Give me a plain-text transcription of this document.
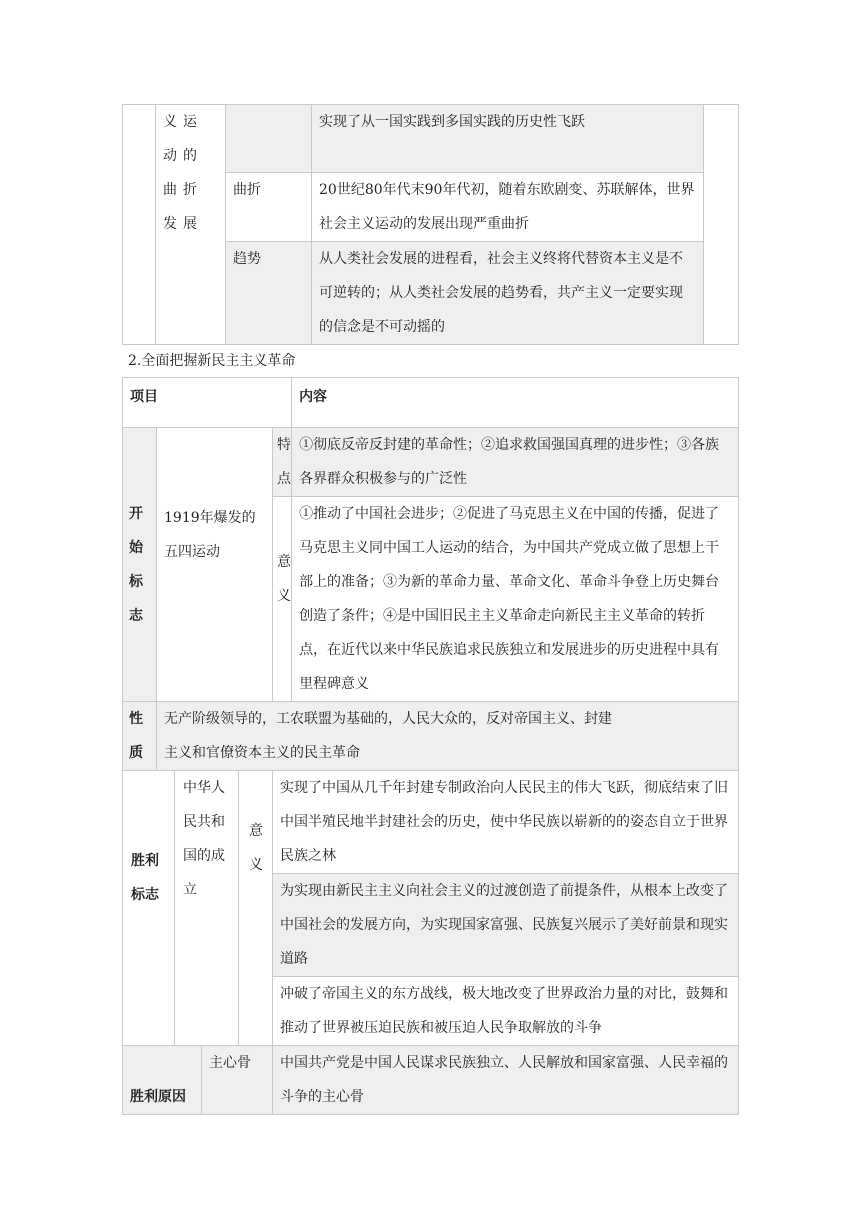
	义运动的曲折发展		实现了从一国实践到多国实践的历史性飞跃	
		曲折	20世纪80年代末90年代初，随着东欧剧变、苏联解体，世界社会主义运动的发展出现严重曲折	
		趋势	从人类社会发展的进程看，社会主义终将代替资本主义是不可逆转的；从人类社会发展的趋势看，共产主义一定要实现的信念是不可动摇的	
2.全面把握新民主主义革命
项目						内容
开始标志	1919年爆发的五四运动				特点	①彻底反帝反封建的革命性；②追求救国强国真理的进步性；③各族各界群众积极参与的广泛性
					意义	①推动了中国社会进步；②促进了马克思主义在中国的传播，促进了马克思主义同中国工人运动的结合，为中国共产党成立做了思想上干部上的准备；③为新的革命力量、革命文化、革命斗争登上历史舞台创造了条件；④是中国旧民主主义革命走向新民主主义革命的转折点，在近代以来中华民族追求民族独立和发展进步的历史进程中具有里程碑意义
性质	无产阶级领导的，工农联盟为基础的，人民大众的，反对帝国主义、封建主义和官僚资本主义的民主革命					
胜利标志		中华人民共和国的成立		意义	实现了中国从几千年封建专制政治向人民民主的伟大飞跃，彻底结束了旧中国半殖民地半封建社会的历史，使中华民族以崭新的的姿态自立于世界民族之林	
					为实现由新民主主义向社会主义的过渡创造了前提条件，从根本上改变了中国社会的发展方向，为实现国家富强、民族复兴展示了美好前景和现实道路	
					冲破了帝国主义的东方战线，极大地改变了世界政治力量的对比，鼓舞和推动了世界被压迫民族和被压迫人民争取解放的斗争	
胜利原因			主心骨		中国共产党是中国人民谋求民族独立、人民解放和国家富强、人民幸福的斗争的主心骨	
